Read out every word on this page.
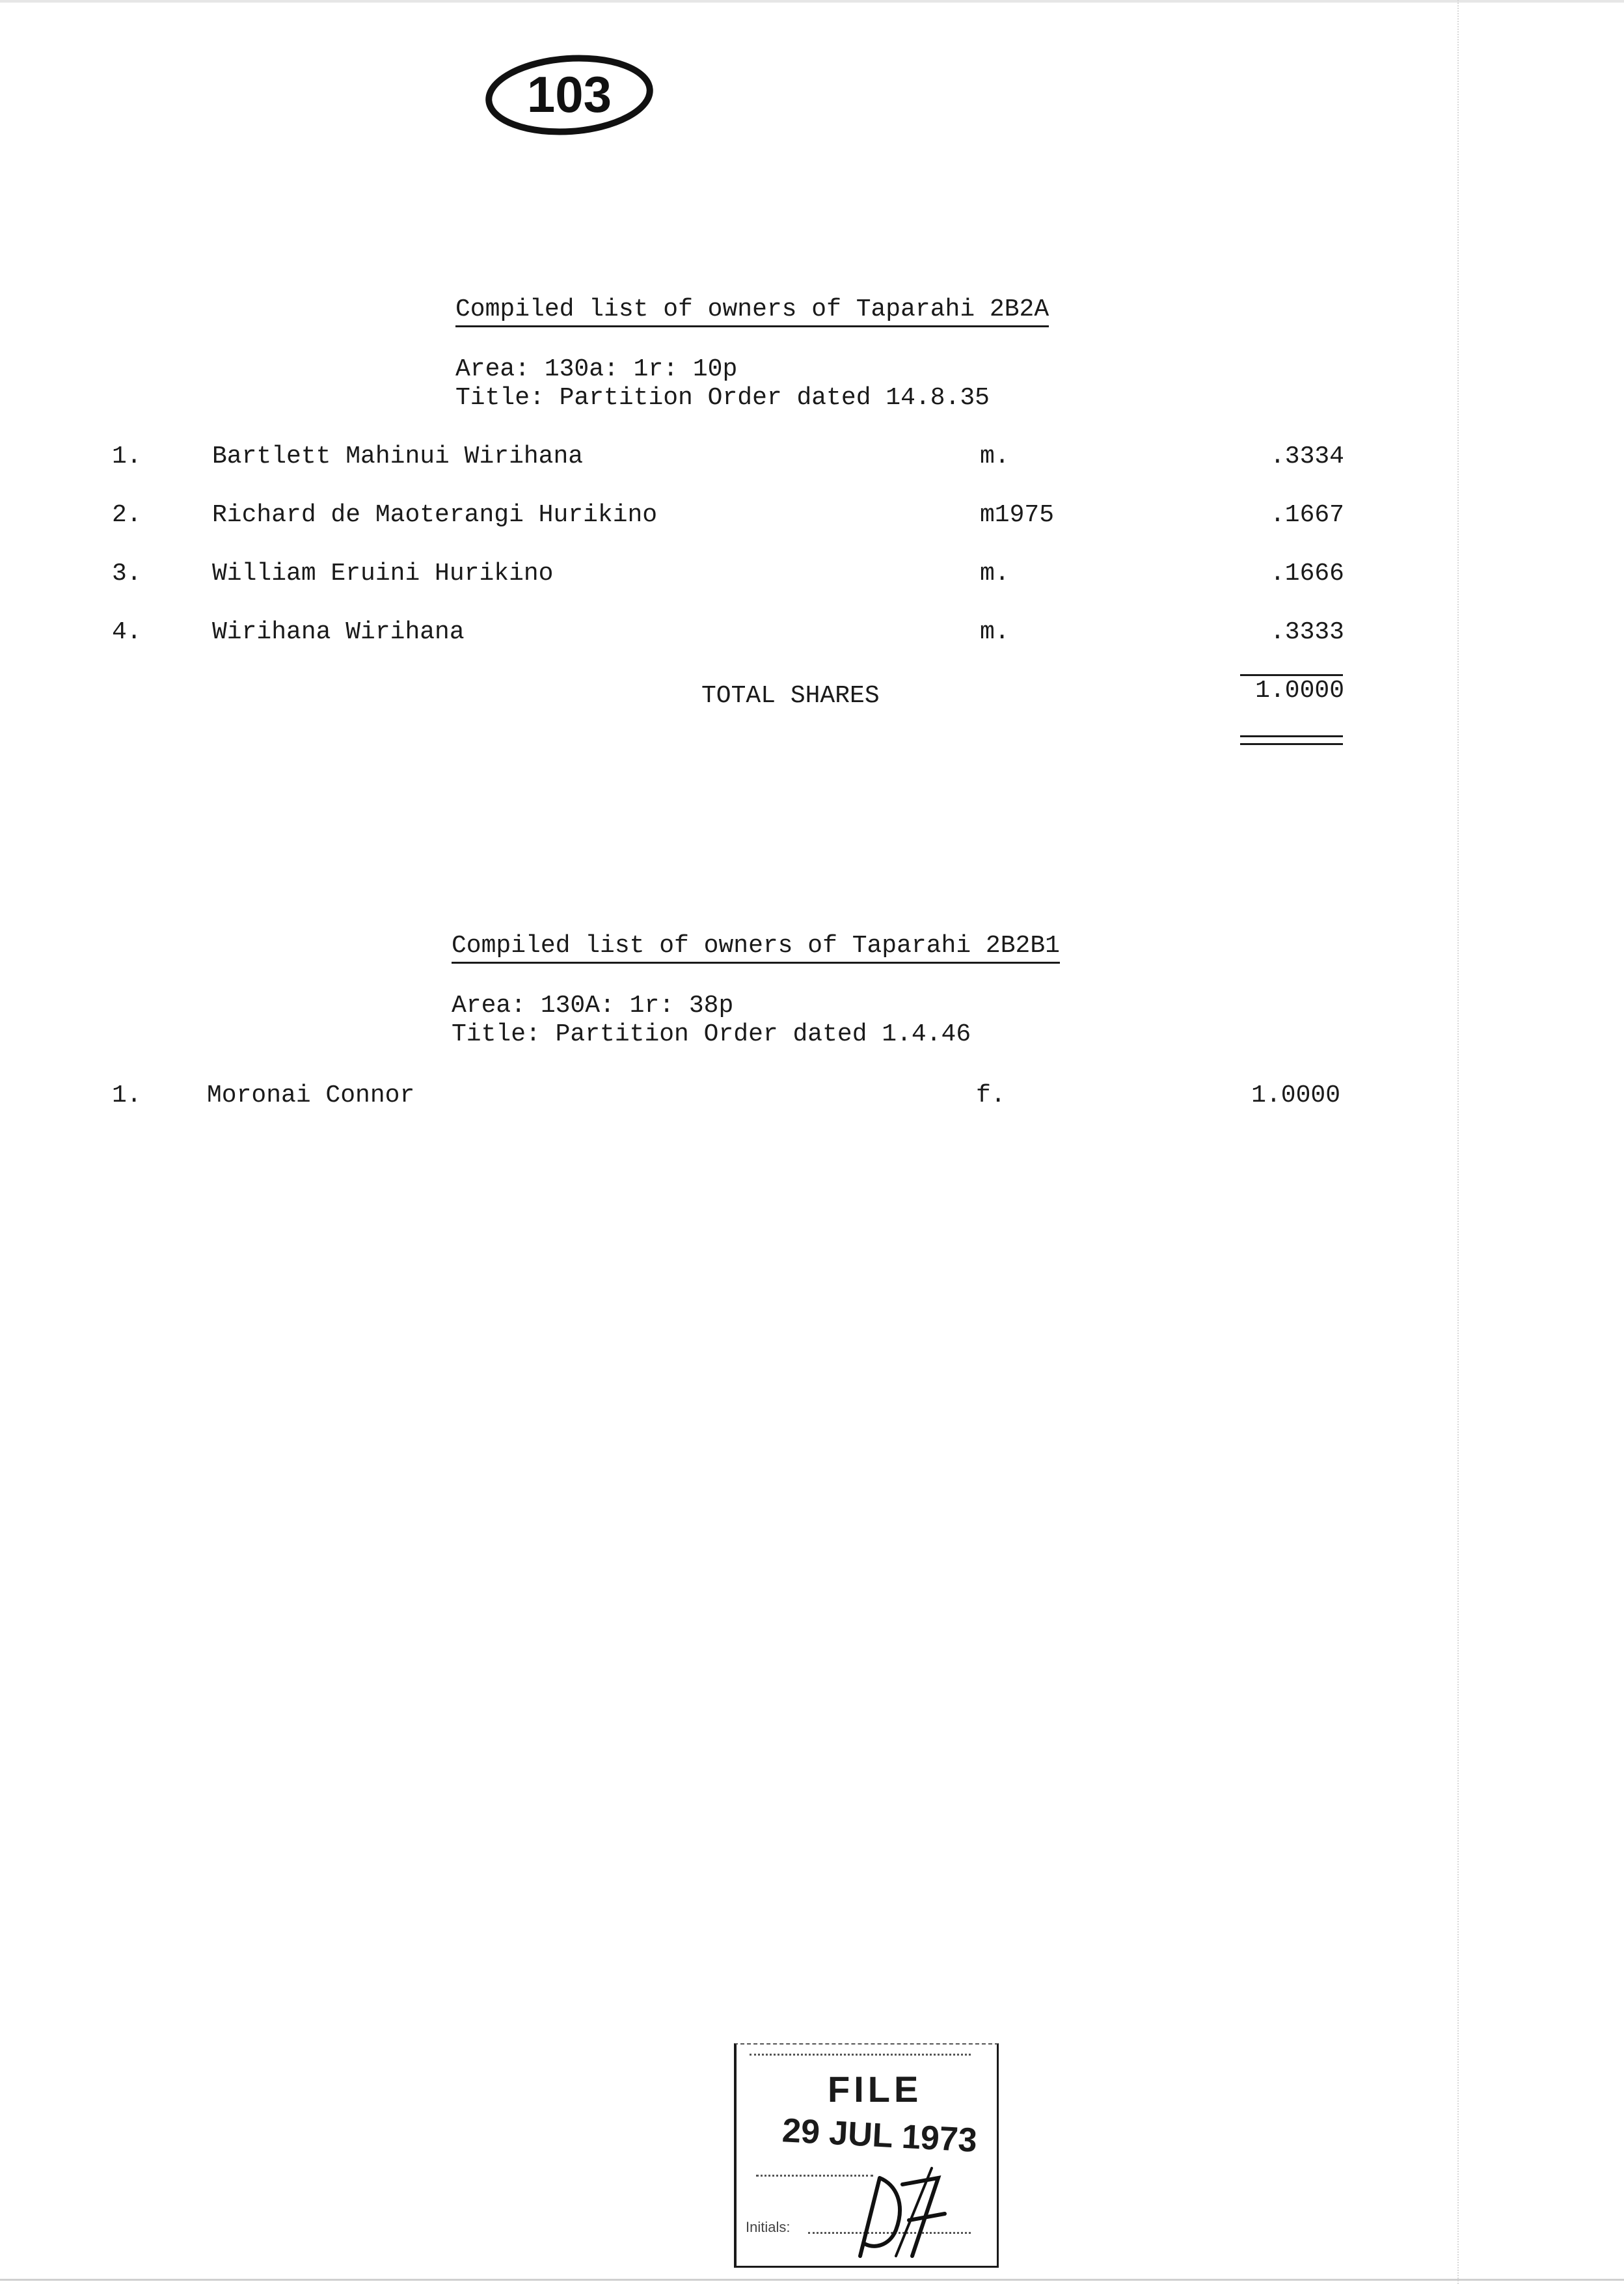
103
Compiled list of owners of Taparahi 2B2A
Area: 130a: 1r: 10p
Title: Partition Order dated 14.8.35
1.	Bartlett Mahinui Wirihana	m.	.3334
2.	Richard de Maoterangi Hurikino	m1975	.1667
3.	William Eruini Hurikino	m.	.1666
4.	Wirihana Wirihana	m.	.3333
TOTAL SHARES	1.0000
Compiled list of owners of Taparahi 2B2B1
Area: 130A: 1r: 38p
Title: Partition Order dated 1.4.46
1.	Moronai Connor	f.	1.0000
FILE
29 JUL 1973
Initials:
